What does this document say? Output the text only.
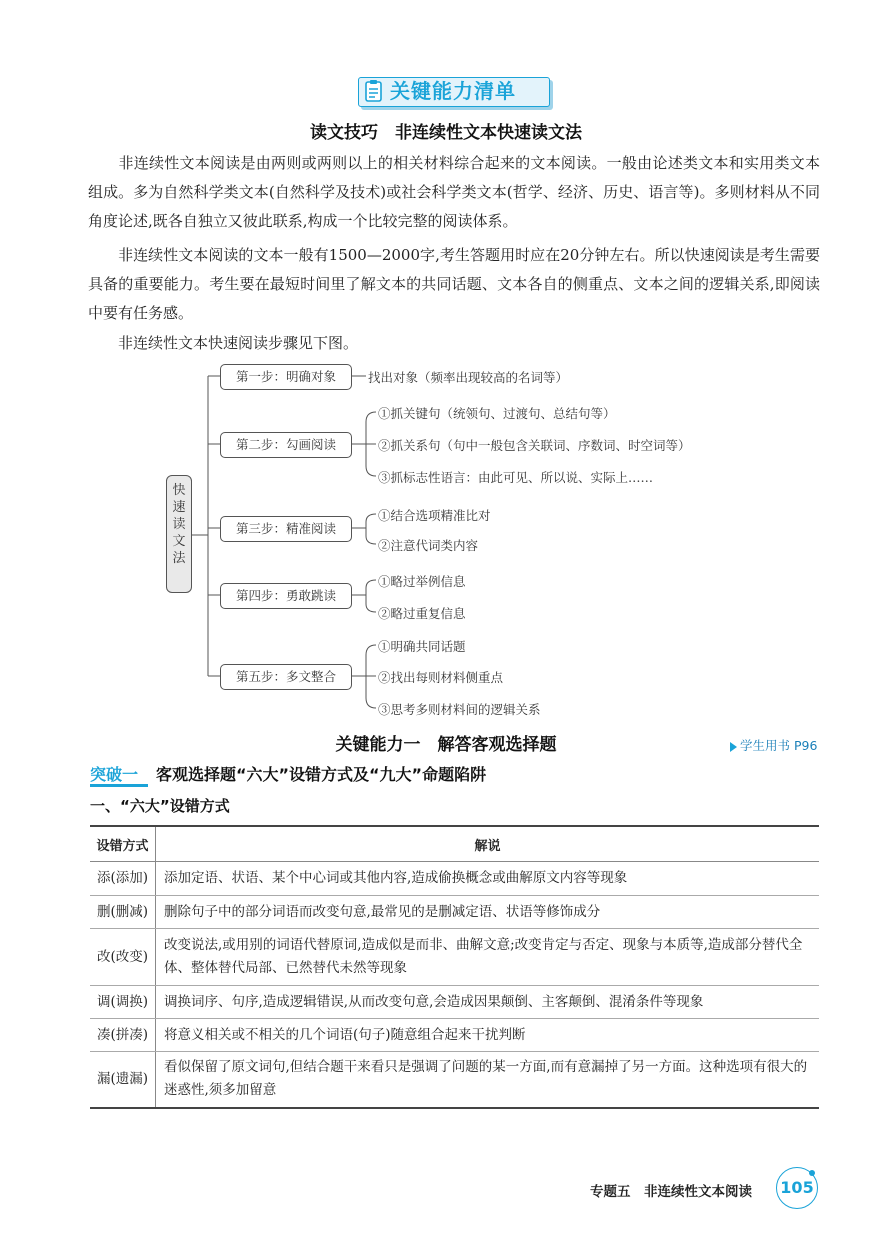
关键能力清单
读文技巧　非连续性文本快速读文法
　　非连续性文本阅读是由两则或两则以上的相关材料综合起来的文本阅读。一般由论述类文本和实用类文本组成。多为自然科学类文本(自然科学及技术)或社会科学类文本(哲学、经济、历史、语言等)。多则材料从不同角度论述,既各自独立又彼此联系,构成一个比较完整的阅读体系。
　　非连续性文本阅读的文本一般有1500—2000字,考生答题用时应在20分钟左右。所以快速阅读是考生需要具备的重要能力。考生要在最短时间里了解文本的共同话题、文本各自的侧重点、文本之间的逻辑关系,即阅读中要有任务感。
　　非连续性文本快速阅读步骤见下图。
快
速
读
文
法
第一步：明确对象
第二步：勾画阅读
第三步：精准阅读
第四步：勇敢跳读
第五步：多文整合
找出对象（频率出现较高的名词等）
①抓关键句（统领句、过渡句、总结句等）
②抓关系句（句中一般包含关联词、序数词、时空词等）
③抓标志性语言：由此可见、所以说、实际上……
①结合选项精准比对
②注意代词类内容
①略过举例信息
②略过重复信息
①明确共同话题
②找出每则材料侧重点
③思考多则材料间的逻辑关系
关键能力一　解答客观选择题	学生用书 P96
突破一 客观选择题“六大”设错方式及“九大”命题陷阱
一、“六大”设错方式
设错方式	解说
添(添加)	添加定语、状语、某个中心词或其他内容,造成偷换概念或曲解原文内容等现象
删(删减)	删除句子中的部分词语而改变句意,最常见的是删减定语、状语等修饰成分
改(改变)	改变说法,或用别的词语代替原词,造成似是而非、曲解文意;改变肯定与否定、现象与本质等,造成部分替代全体、整体替代局部、已然替代未然等现象
调(调换)	调换词序、句序,造成逻辑错误,从而改变句意,会造成因果颠倒、主客颠倒、混淆条件等现象
凑(拼凑)	将意义相关或不相关的几个词语(句子)随意组合起来干扰判断
漏(遗漏)	看似保留了原文词句,但结合题干来看只是强调了问题的某一方面,而有意漏掉了另一方面。这种选项有很大的迷惑性,须多加留意
专题五　非连续性文本阅读 105
